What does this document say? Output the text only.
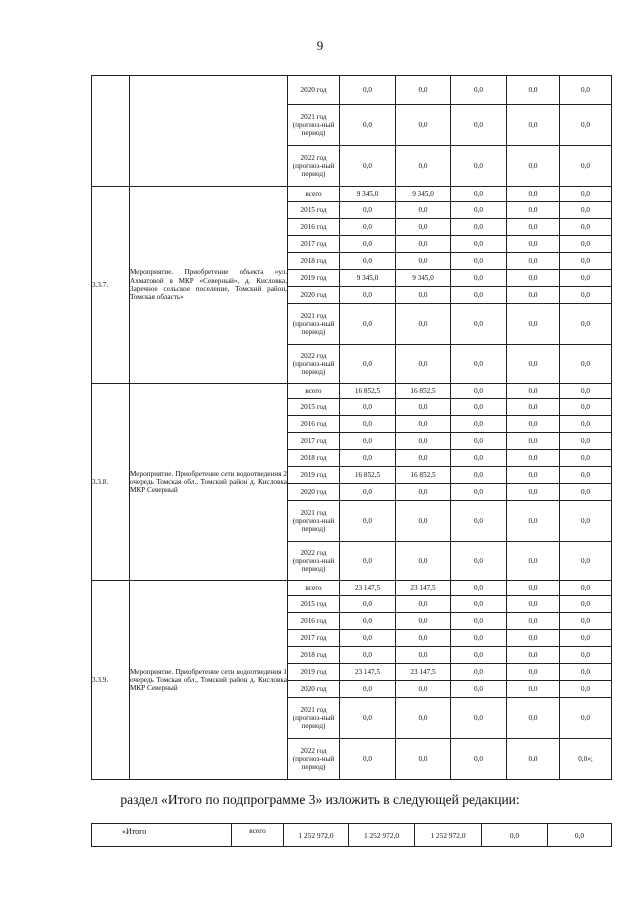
9
		2020 год	0,0	0,0	0,0	0,0	0,0
		2021 год (прогноз-ный период)	0,0	0,0	0,0	0,0	0,0
		2022 год (прогноз-ный период)	0,0	0,0	0,0	0,0	0,0
3.3.7.	Мероприятие. Приобретение объекта «ул. Ахматовой в МКР «Северный», д. Кисловка, Заречное сельское поселение, Томский район, Томская область»	всего	9 345,0	9 345,0	0,0	0,0	0,0
		2015 год	0,0	0,0	0,0	0,0	0,0
		2016 год	0,0	0,0	0,0	0,0	0,0
		2017 год	0,0	0,0	0,0	0,0	0,0
		2018 год	0,0	0,0	0,0	0,0	0,0
		2019 год	9 345,0	9 345,0	0,0	0,0	0,0
		2020 год	0,0	0,0	0,0	0,0	0,0
		2021 год (прогноз-ный период)	0,0	0,0	0,0	0,0	0,0
		2022 год (прогноз-ный период)	0,0	0,0	0,0	0,0	0,0
3.3.8.	Мероприятие. Приобретение сети водоотведения 2 очередь Томская обл., Томский район д. Кисловка МКР Северный	всего	16 852,5	16 852,5	0,0	0,0	0,0
		2015 год	0,0	0,0	0,0	0,0	0,0
		2016 год	0,0	0,0	0,0	0,0	0,0
		2017 год	0,0	0,0	0,0	0,0	0,0
		2018 год	0,0	0,0	0,0	0,0	0,0
		2019 год	16 852,5	16 852,5	0,0	0,0	0,0
		2020 год	0,0	0,0	0,0	0,0	0,0
		2021 год (прогноз-ный период)	0,0	0,0	0,0	0,0	0,0
		2022 год (прогноз-ный период)	0,0	0,0	0,0	0,0	0,0
3.3.9.	Мероприятие. Приобретение сети водоотведения 1 очередь Томская обл., Томский район д. Кисловка МКР Северный	всего	23 147,5	23 147,5	0,0	0,0	0,0
		2015 год	0,0	0,0	0,0	0,0	0,0
		2016 год	0,0	0,0	0,0	0,0	0,0
		2017 год	0,0	0,0	0,0	0,0	0,0
		2018 год	0,0	0,0	0,0	0,0	0,0
		2019 год	23 147,5	23 147,5	0,0	0,0	0,0
		2020 год	0,0	0,0	0,0	0,0	0,0
		2021 год (прогноз-ный период)	0,0	0,0	0,0	0,0	0,0
		2022 год (прогноз-ный период)	0,0	0,0	0,0	0,0	0,0»;
раздел «Итого по подпрограмме 3» изложить в следующей редакции:
«Итого	всего	1 252 972,0	1 252 972,0	1 252 972,0	0,0	0,0
